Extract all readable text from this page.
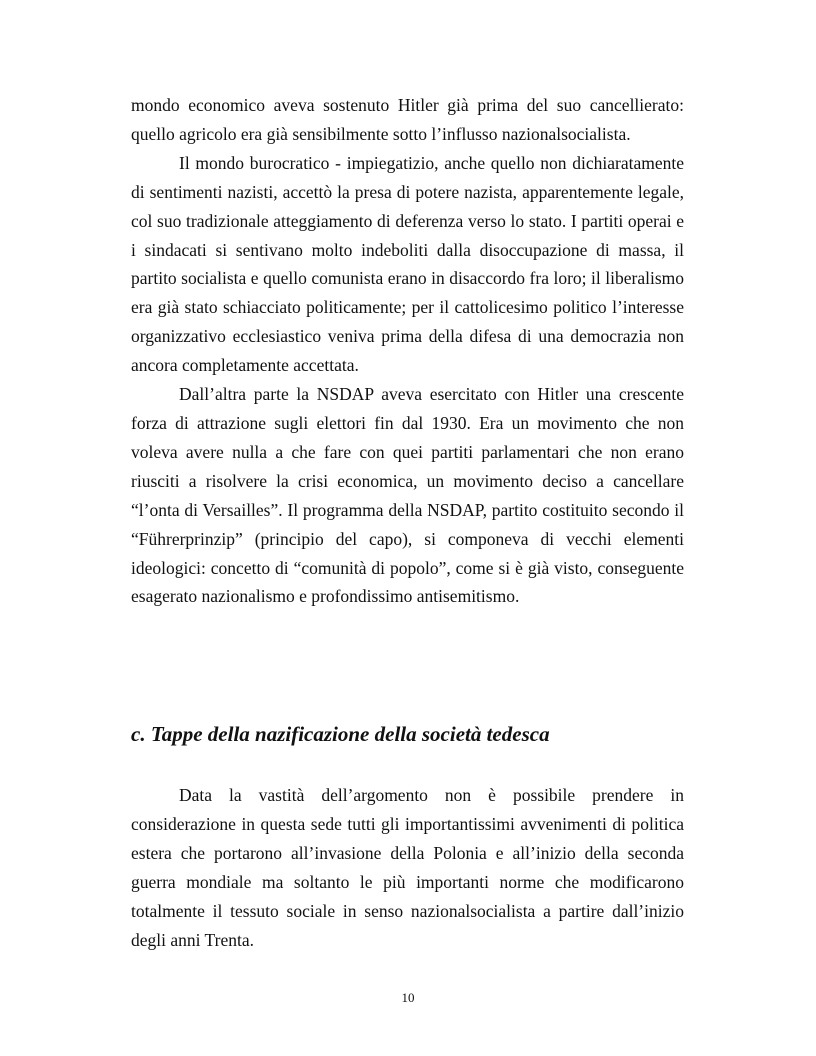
mondo economico aveva sostenuto Hitler già prima del suo cancellierato: quello agricolo era già sensibilmente sotto l’influsso nazionalsocialista.

Il mondo burocratico - impiegatizio, anche quello non dichiaratamente di sentimenti nazisti, accettò la presa di potere nazista, apparentemente legale, col suo tradizionale atteggiamento di deferenza verso lo stato. I partiti operai e i sindacati si sentivano molto indeboliti dalla disoccupazione di massa, il partito socialista e quello comunista erano in disaccordo fra loro; il liberalismo era già stato schiacciato politicamente; per il cattolicesimo politico l’interesse organizzativo ecclesiastico veniva prima della difesa di una democrazia non ancora completamente accettata.

Dall’altra parte la NSDAP aveva esercitato con Hitler una crescente forza di attrazione sugli elettori fin dal 1930. Era un movimento che non voleva avere nulla a che fare con quei partiti parlamentari che non erano riusciti a risolvere la crisi economica, un movimento deciso a cancellare “l’onta di Versailles”. Il programma della NSDAP, partito costituito secondo il “Führerprinzip” (principio del capo), si componeva di vecchi elementi ideologici: concetto di “comunità di popolo”, come si è già visto, conseguente esagerato nazionalismo e profondissimo antisemitismo.

c. Tappe della nazificazione della società tedesca

Data la vastità dell’argomento non è possibile prendere in considerazione in questa sede tutti gli importantissimi avvenimenti di politica estera che portarono all’invasione della Polonia e all’inizio della seconda guerra mondiale ma soltanto le più importanti norme che modificarono totalmente il tessuto sociale in senso nazionalsocialista a partire dall’inizio degli anni Trenta.

10
